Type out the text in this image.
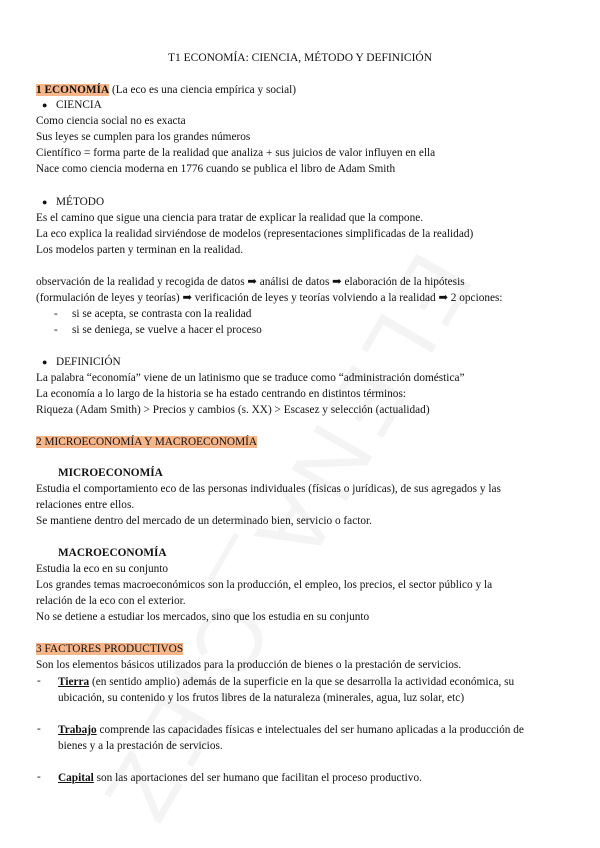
T1 ECONOMÍA: CIENCIA, MÉTODO Y DEFINICIÓN
1 ECONOMÍA (La eco es una ciencia empírica y social)
● CIENCIA
Como ciencia social no es exacta
Sus leyes se cumplen para los grandes números
Científico = forma parte de la realidad que analiza + sus juicios de valor influyen en ella
Nace como ciencia moderna en 1776 cuando se publica el libro de Adam Smith
● MÉTODO
Es el camino que sigue una ciencia para tratar de explicar la realidad que la compone.
La eco explica la realidad sirviéndose de modelos (representaciones simplificadas de la realidad)
Los modelos parten y terminan en la realidad.
observación de la realidad y recogida de datos ➡ análisi de datos ➡ elaboración de la hipótesis
(formulación de leyes y teorías) ➡ verificación de leyes y teorías volviendo a la realidad ➡ 2 opciones:
- si se acepta, se contrasta con la realidad
- si se deniega, se vuelve a hacer el proceso
● DEFINICIÓN
La palabra “economía” viene de un latinismo que se traduce como “administración doméstica”
La economía a lo largo de la historia se ha estado centrando en distintos términos:
Riqueza (Adam Smith) > Precios y cambios (s. XX) > Escasez y selección (actualidad)
2 MICROECONOMÍA Y MACROECONOMÍA
MICROECONOMÍA
Estudia el comportamiento eco de las personas individuales (físicas o jurídicas), de sus agregados y las
relaciones entre ellos.
Se mantiene dentro del mercado de un determinado bien, servicio o factor.
MACROECONOMÍA
Estudia la eco en su conjunto
Los grandes temas macroeconómicos son la producción, el empleo, los precios, el sector público y la
relación de la eco con el exterior.
No se detiene a estudiar los mercados, sino que los estudia en su conjunto
3 FACTORES PRODUCTIVOS
Son los elementos básicos utilizados para la producción de bienes o la prestación de servicios.
- Tierra (en sentido amplio) además de la superficie en la que se desarrolla la actividad económica, su
ubicación, su contenido y los frutos libres de la naturaleza (minerales, agua, luz solar, etc)
- Trabajo comprende las capacidades físicas e intelectuales del ser humano aplicadas a la producción de
bienes y a la prestación de servicios.
- Capital son las aportaciones del ser humano que facilitan el proceso productivo.
